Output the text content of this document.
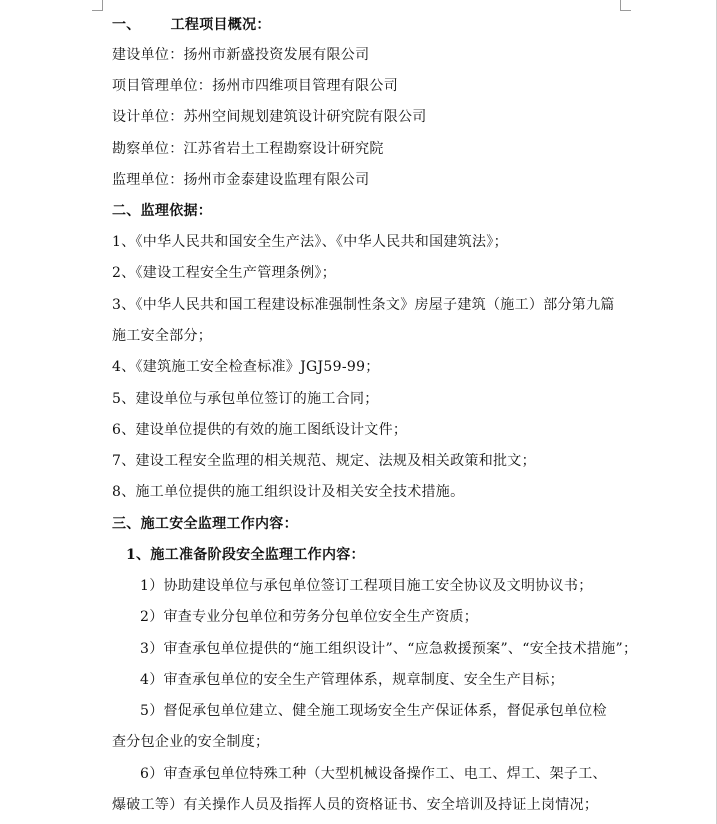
一、 工程项目概况：
建设单位：扬州市新盛投资发展有限公司
项目管理单位：扬州市四维项目管理有限公司
设计单位：苏州空间规划建筑设计研究院有限公司
勘察单位：江苏省岩土工程勘察设计研究院
监理单位：扬州市金泰建设监理有限公司
二、监理依据：
1、《中华人民共和国安全生产法》、《中华人民共和国建筑法》；
2、《建设工程安全生产管理条例》；
3、《中华人民共和国工程建设标准强制性条文》房屋子建筑（施工）部分第九篇
施工安全部分；
4、《建筑施工安全检查标准》JGJ59-99；
5、建设单位与承包单位签订的施工合同；
6、建设单位提供的有效的施工图纸设计文件；
7、建设工程安全监理的相关规范、规定、法规及相关政策和批文；
8、施工单位提供的施工组织设计及相关安全技术措施。
三、施工安全监理工作内容：
1、施工准备阶段安全监理工作内容：
1）协助建设单位与承包单位签订工程项目施工安全协议及文明协议书；
2）审查专业分包单位和劳务分包单位安全生产资质；
3）审查承包单位提供的“施工组织设计”、“应急救援预案”、“安全技术措施”；
4）审查承包单位的安全生产管理体系，规章制度、安全生产目标；
5）督促承包单位建立、健全施工现场安全生产保证体系，督促承包单位检
查分包企业的安全制度；
6）审查承包单位特殊工种（大型机械设备操作工、电工、焊工、架子工、
爆破工等）有关操作人员及指挥人员的资格证书、安全培训及持证上岗情况；
